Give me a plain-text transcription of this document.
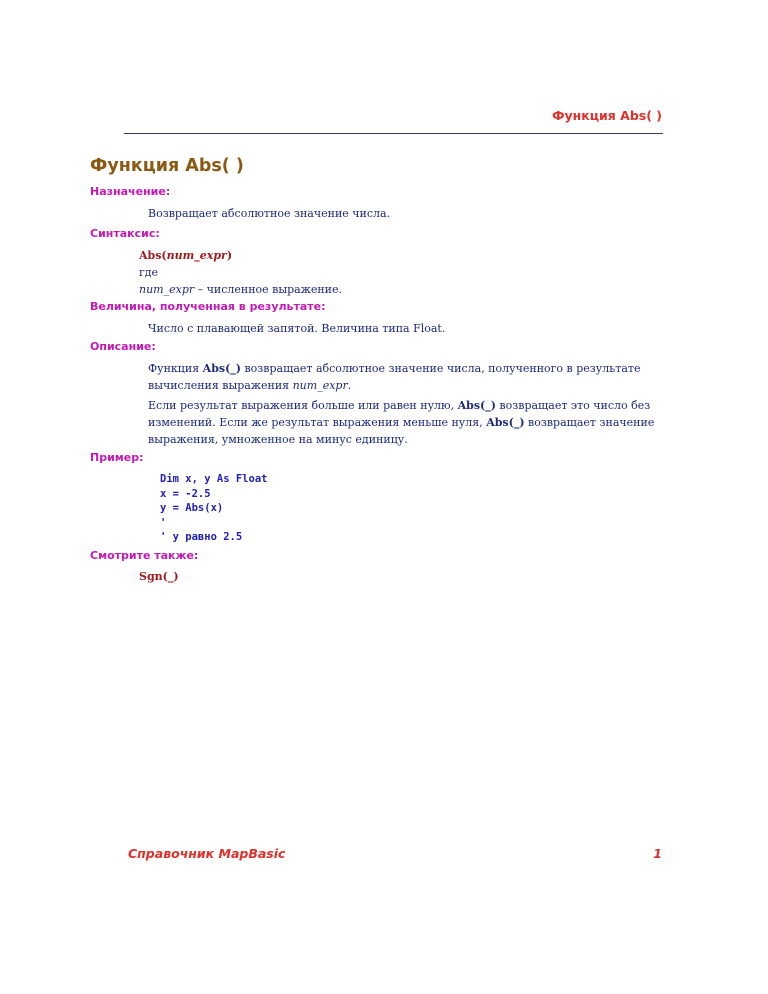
Функция Abs( )
Функция Abs( )

Назначение:

Возвращает абсолютное значение числа.

Синтаксис:

Abs(num_expr)

где

num_expr – численное выражение.

Величина, полученная в результате:

Число с плавающей запятой. Величина типа Float.

Описание:

Функция Abs(_) возвращает абсолютное значение числа, полученного в результате вычисления выражения num_expr.

Если результат выражения больше или равен нулю, Abs(_) возвращает это число без изменений. Если же результат выражения меньше нуля, Abs(_) возвращает значение выражения, умноженное на минус единицу.

Пример:

Dim x, y As Float
x = -2.5
y = Abs(x)
'
' y равно 2.5

Смотрите также:

Sgn(_)
Справочник MapBasic	1
